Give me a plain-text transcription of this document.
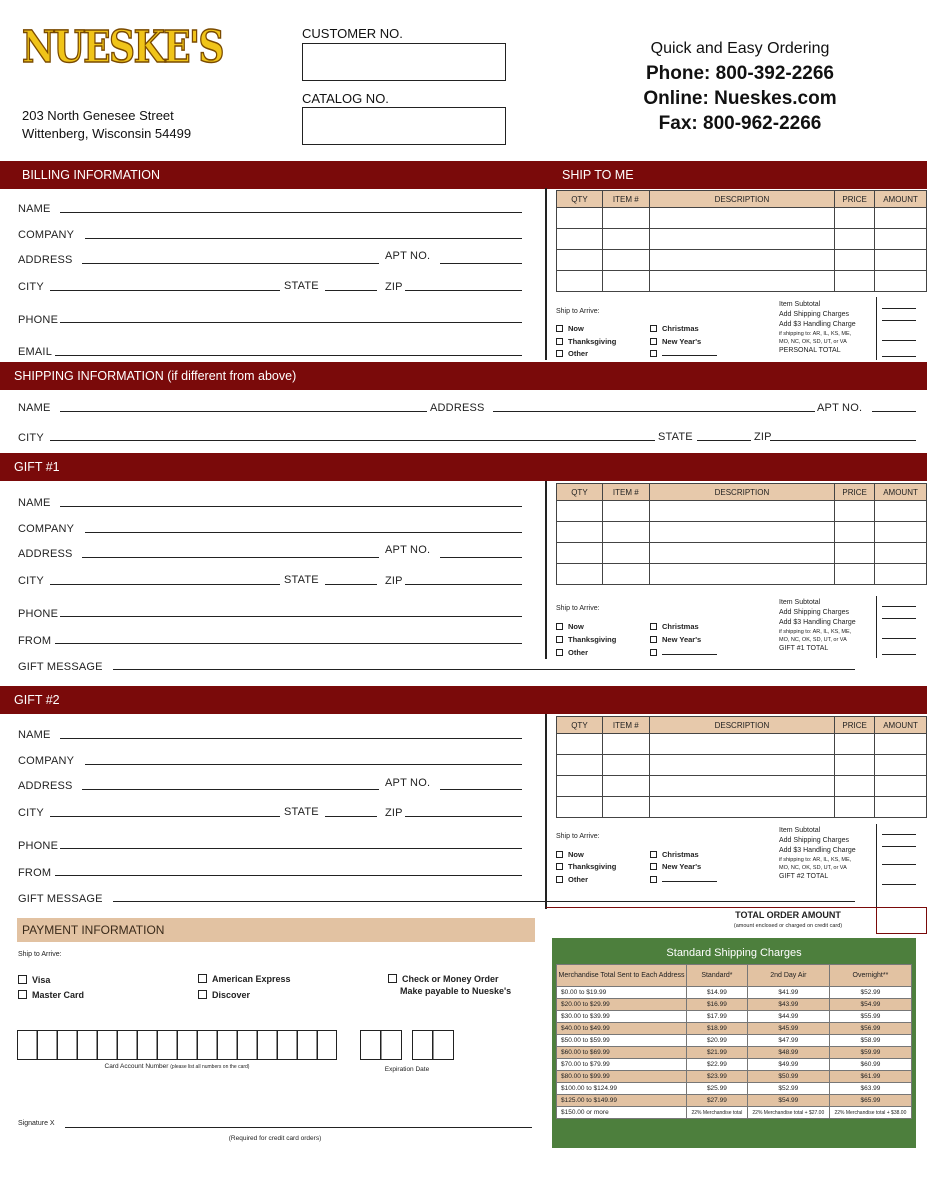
NUESKE'S
203 North Genesee Street
Wittenberg, Wisconsin 54499
CUSTOMER NO.
CATALOG NO.
Quick and Easy Ordering
Phone: 800-392-2266
Online: Nueskes.com
Fax: 800-962-2266
BILLING INFORMATION	SHIP TO ME
NAME
COMPANY
ADDRESS	APT NO.
CITY	STATE	ZIP
PHONE
EMAIL
QTY	ITEM #	DESCRIPTION	PRICE	AMOUNT

Ship to Arrive:
Now
Thanksgiving
Other
Christmas
New Year's
Item Subtotal
Add Shipping Charges
Add $3 Handling Charge
if shipping to: AR, IL, KS, ME,
MO, NC, OK, SD, UT, or VA
PERSONAL TOTAL
SHIPPING INFORMATION (if different from above)
NAME	ADDRESS	APT NO.
CITY	STATE	ZIP
GIFT #1
NAME
COMPANY
ADDRESS	APT NO.
CITY	STATE	ZIP
PHONE
FROM
GIFT MESSAGE
QTY	ITEM #	DESCRIPTION	PRICE	AMOUNT

Ship to Arrive:
Now
Thanksgiving
Other
Christmas
New Year's
Item Subtotal
Add Shipping Charges
Add $3 Handling Charge
if shipping to: AR, IL, KS, ME,
MO, NC, OK, SD, UT, or VA
GIFT #1 TOTAL
GIFT #2
NAME
COMPANY
ADDRESS	APT NO.
CITY	STATE	ZIP
PHONE
FROM
GIFT MESSAGE
QTY	ITEM #	DESCRIPTION	PRICE	AMOUNT

Ship to Arrive:
Now
Thanksgiving
Other
Christmas
New Year's
Item Subtotal
Add Shipping Charges
Add $3 Handling Charge
if shipping to: AR, IL, KS, ME,
MO, NC, OK, SD, UT, or VA
GIFT #2 TOTAL
TOTAL ORDER AMOUNT
(amount enclosed or charged on credit card)
PAYMENT INFORMATION
Ship to Arrive:
Visa
Master Card
American Express
Discover
Check or Money Order
Make payable to Nueske's
Card Account Number (please list all numbers on the card)	Expiration Date
Signature X
(Required for credit card orders)
Standard Shipping Charges
Merchandise Total Sent to Each Address	Standard*	2nd Day Air	Overnight**
$0.00 to $19.99	$14.99	$41.99	$52.99
$20.00 to $29.99	$16.99	$43.99	$54.99
$30.00 to $39.99	$17.99	$44.99	$55.99
$40.00 to $49.99	$18.99	$45.99	$56.99
$50.00 to $59.99	$20.99	$47.99	$58.99
$60.00 to $69.99	$21.99	$48.99	$59.99
$70.00 to $79.99	$22.99	$49.99	$60.99
$80.00 to $99.99	$23.99	$50.99	$61.99
$100.00 to $124.99	$25.99	$52.99	$63.99
$125.00 to $149.99	$27.99	$54.99	$65.99
$150.00 or more	22% Merchandise total	22% Merchandise total + $27.00	22% Merchandise total + $38.00
